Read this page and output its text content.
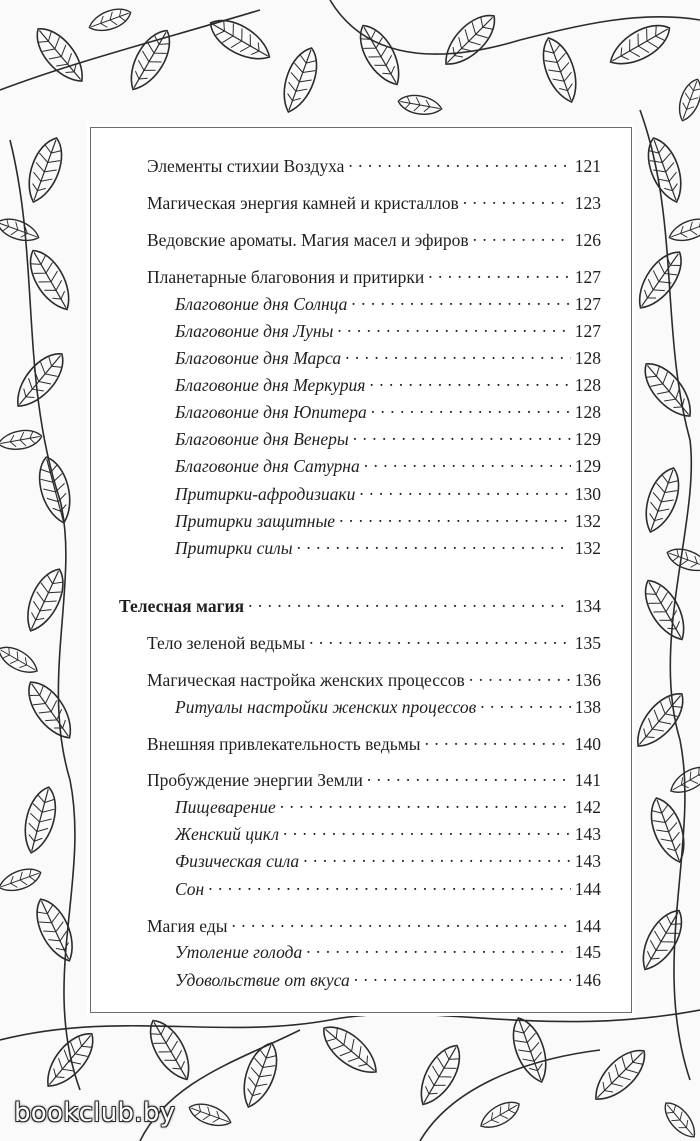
Элементы стихии Воздуха . . .	121
Магическая энергия камней и кристаллов . . .	123
Ведовские ароматы. Магия масел и эфиров . . .	126
Планетарные благовония и притирки . . .	127
Благовоние дня Солнца . . .	127
Благовоние дня Луны . . .	127
Благовоние дня Марса . . .	128
Благовоние дня Меркурия . . .	128
Благовоние дня Юпитера . . .	128
Благовоние дня Венеры . . .	129
Благовоние дня Сатурна . . .	129
Притирки-афродизиаки . . .	130
Притирки защитные . . .	132
Притирки силы . . .	132
Телесная магия . . .	134
Тело зеленой ведьмы . . .	135
Магическая настройка женских процессов . . .	136
Ритуалы настройки женских процессов . . .	138
Внешняя привлекательность ведьмы . . .	140
Пробуждение энергии Земли . . .	141
Пищеварение . . .	142
Женский цикл . . .	143
Физическая сила . . .	143
Сон . . .	144
Магия еды . . .	144
Утоление голода . . .	145
Удовольствие от вкуса . . .	146
bookclub.by
